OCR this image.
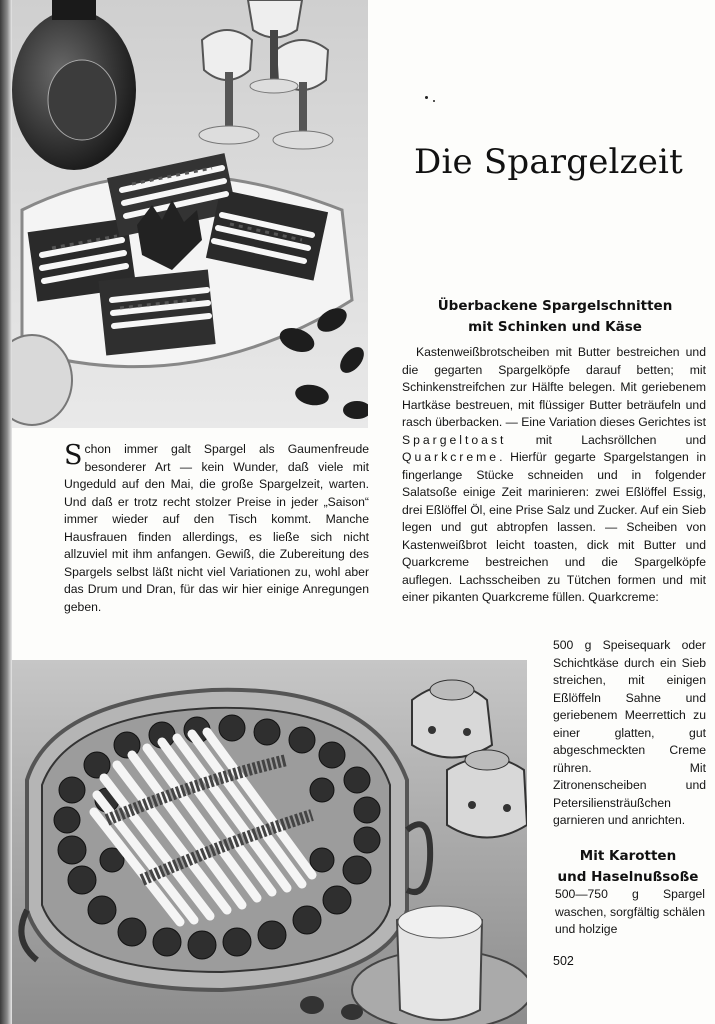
Die Spargelzeit
Überbackene Spargelschnitten
mit Schinken und Käse

Kastenweißbrotscheiben mit Butter bestreichen und die gegarten Spargelköpfe darauf betten; mit Schinkenstreifchen zur Hälfte belegen. Mit geriebenem Hartkäse bestreuen, mit flüssiger Butter beträufeln und rasch überbacken. — Eine Variation dieses Gerichtes ist Spargeltoast mit Lachsröllchen und Quarkcreme. Hierfür gegarte Spargelstangen in fingerlange Stücke schneiden und in folgender Salatsoße einige Zeit marinieren: zwei Eßlöffel Essig, drei Eßlöffel Öl, eine Prise Salz und Zucker. Auf ein Sieb legen und gut abtropfen lassen. — Scheiben von Kastenweißbrot leicht toasten, dick mit Butter und Quarkcreme bestreichen und die Spargelköpfe auflegen. Lachsscheiben zu Tütchen formen und mit einer pikanten Quarkcreme füllen. Quarkcreme:

500 g Speisequark oder Schichtkäse durch ein Sieb streichen, mit einigen Eßlöffeln Sahne und geriebenem Meerrettich zu einer glatten, gut abgeschmeckten Creme rühren. Mit Zitronenscheiben und Petersiliensträußchen garnieren und anrichten.

Schon immer galt Spargel als Gaumenfreude besonderer Art — kein Wunder, daß viele mit Ungeduld auf den Mai, die große Spargelzeit, warten. Und daß er trotz recht stolzer Preise in jeder „Saison“ immer wieder auf den Tisch kommt. Manche Hausfrauen finden allerdings, es ließe sich nicht allzuviel mit ihm anfangen. Gewiß, die Zubereitung des Spargels selbst läßt nicht viel Variationen zu, wohl aber das Drum und Dran, für das wir hier einige Anregungen geben.

Mit Karotten
und Haselnußsoße

500—750 g Spargel waschen, sorgfältig schälen und holzige

502
